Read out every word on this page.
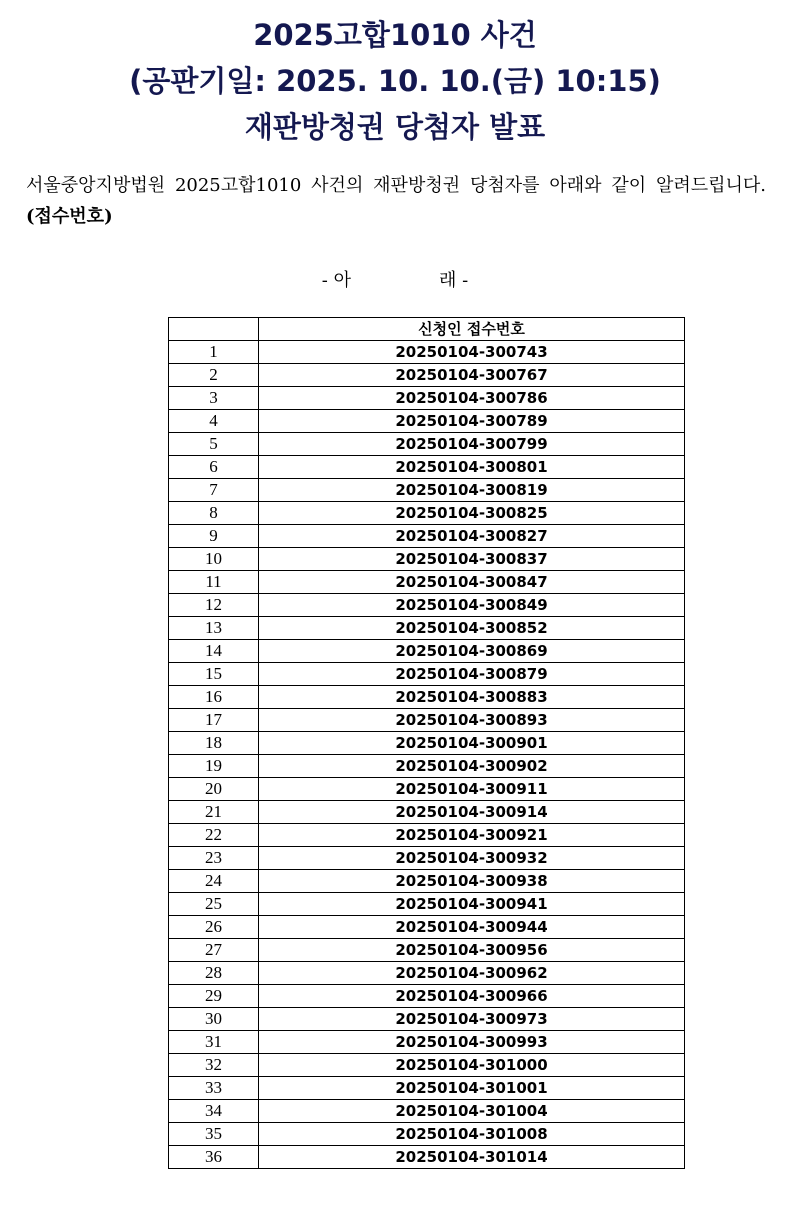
2025고합1010 사건
(공판기일: 2025. 10. 10.(금) 10:15)
재판방청권 당첨자 발표
서울중앙지방법원 2025고합1010 사건의 재판방청권 당첨자를 아래와 같이 알려드립니다. (접수번호)
- 아	래 -
	신청인 접수번호
1	20250104-300743
2	20250104-300767
3	20250104-300786
4	20250104-300789
5	20250104-300799
6	20250104-300801
7	20250104-300819
8	20250104-300825
9	20250104-300827
10	20250104-300837
11	20250104-300847
12	20250104-300849
13	20250104-300852
14	20250104-300869
15	20250104-300879
16	20250104-300883
17	20250104-300893
18	20250104-300901
19	20250104-300902
20	20250104-300911
21	20250104-300914
22	20250104-300921
23	20250104-300932
24	20250104-300938
25	20250104-300941
26	20250104-300944
27	20250104-300956
28	20250104-300962
29	20250104-300966
30	20250104-300973
31	20250104-300993
32	20250104-301000
33	20250104-301001
34	20250104-301004
35	20250104-301008
36	20250104-301014
